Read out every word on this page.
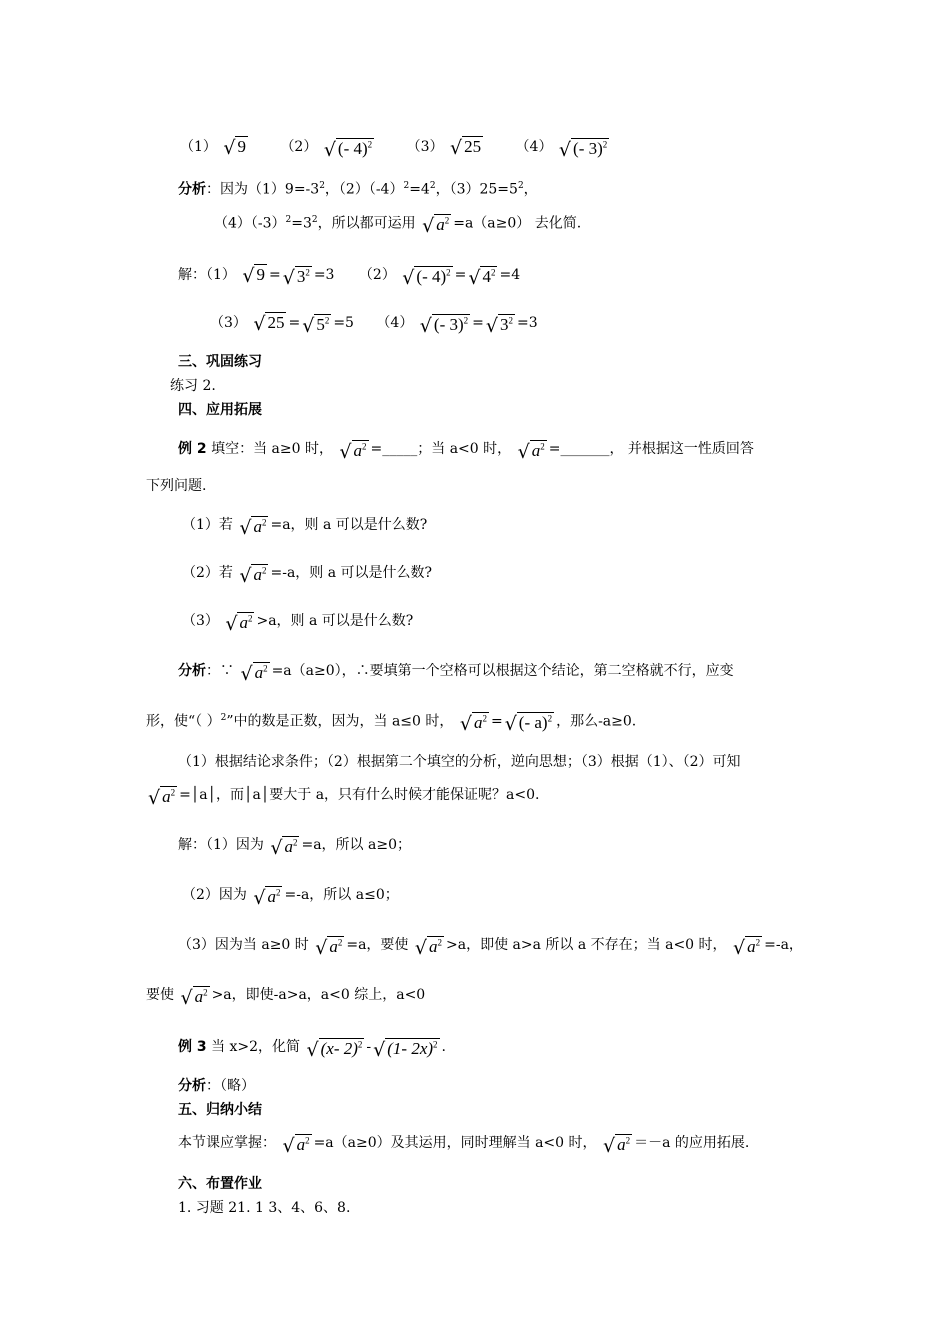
（1） √ 9 （2） √ (- 4)$^2$ （3） √ 25 （4） √ (- 3)$^2$
分析：因为$(1)9=-3^2$，$(2)(-4)^2=4^2$，$(3)25=5^2$，
$(4)(-3)^2=3^2$，所以都可运用 √ $a^2 =a(a\ge 0)$ 去化简.
解：（1） √ 9 = √ $3^2 =3$ （2） √ (- 4)$^2$ = √ $4^2 =4$
（3） √ 25 = √ $5^2 =5$ （4） √ (- 3)$^2$ = √ $3^2 =3$
三、巩固练习
练习 2.
四、应用拓展
例 2 填空：当 a≥0 时， √ $a^2$ =_____；当 a<0 时， √ $a^2$ =_______， 并根据这一性质回答
下列问题.
（1）若 √ $a^2 =a$，则 a 可以是什么数?
（2）若 √ $a^2 =-a$，则 a 可以是什么数?
（3） √ $a^2 >a$，则 a 可以是什么数?
分析：∵ √ $a^2 =a(a\ge 0)$，∴要填第一个空格可以根据这个结论，第二空格就不行，应变
形，使“（ ）$^2$”中的数是正数，因为，当 a≤0 时， √ $a^2$ = √ (- a)$^2$ ，那么-a≥0.
（1）根据结论求条件；（2）根据第二个填空的分析，逆向思想；（3）根据（1）、（2）可知
√ $a^2$ =│a│，而│a│要大于 a，只有什么时候才能保证呢？a<0.
解：（1）因为 √ $a^2 =a$，所以 a≥0；
（2）因为 √ $a^2 =-a$，所以 a≤0；
（3）因为当 a≥0 时 √ $a^2 =a$，要使 √ $a^2 >a$，即使 a>a 所以 a 不存在；当 a<0 时， √ $a^2 =-a$，
要使 √ $a^2 >a$，即使-a>a，a<0 综上，a<0
例 3 当 x>2，化简 √ (x- 2)$^2$ - √ (1- 2x)$^2$ .
分析：（略）
五、归纳小结
本节课应掌握： √ $a^2 =a(a\ge 0)$及其运用，同时理解当 a<0 时， √ $a^2 =-a$ 的应用拓展.
六、布置作业
1. 习题 21. 1 3、4、6、8.
